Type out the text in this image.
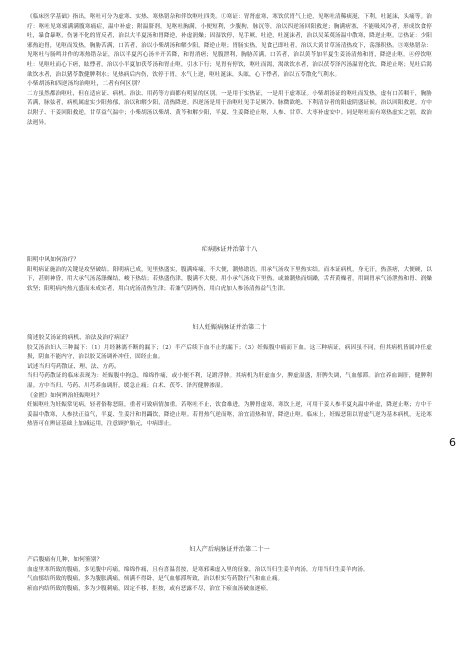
《临床医学基础》指出，呕吐可分为虚寒、实热、寒热错杂和伴饮呕吐四类。①寒证：胃肾虚寒，寒饮伏胃气上逆，见呕吐清稀痰涎，下利，吐涎沫，头痛等。治疗：呕吐见寒邪满满腹寒痛症，温中补虚；附温脐剂，见呕吐胸满，小便短利，少腹拘，脉沉等，治以四逆汤回阳救逆；胸满痞塞，不能吸风冷者，形成饮食停吐，暴食暴呕，伤暑不化的胃反者，治以大半夏汤和胃降逆，补虚润燥；因湿饮停，见手厥，吐逆，吐涎沫者，治以吴茱萸汤温中散寒，降逆止呕。②热证：少阳邪热迫胃，见呕而发热，胸胁苦满，口苦者，治以小柴胡汤和解少阳，降逆止呕；胃肠实热，见食已即吐者，治以大黄甘草汤清热攻下，荡涤积热。③寒热错杂：见呕吐与肠鸣并作的寒热错杂证，治以半夏泻心汤辛开苦降，和胃消痞；见腹泄利，胸胁苦满，口苦者，治以黄芩加半夏生姜汤清热和胃，降逆止呕。④停饮呕吐：见呕吐而心下痞，眩悸者，治以小半夏加茯苓汤和胃止呕，引水下行；见胃有停饮，呕吐而渴，渴欲饮水者，治以茯苓泽泻汤温胃化饮，降逆止呕；见吐后渴欲饮水者，治以猪苓散健脾利水；见热病后内伤，饮停于胃，水气上逆，呕吐涎沫，头眩，心下悸者，治以五苓散化气利水。

小柴胡汤和四逆汤均治呕吐，二者有何区别？

二方虽然都治呕吐，但在适应证、病机、治法、用药等方面都有明显的区别。一是用于实热证，一是用于虚寒证。小柴胡汤证的呕吐而发热，虚有口苦咽干，胸胁苦满，脉弦者，病机属虚实少阳热郁，治以和解少阳，清热降逆。四逆汤是用于治呕吐见手足厥冷、脉微欲绝、下利清谷者的阳虚阴盛证候，治以回阳救逆。方中以附子、干姜回阳救逆，甘草益气温中；小柴胡汤以柴胡、黄芩和解少阳，半夏、生姜降逆止呕，人参、甘草、大枣补虚安中。同是呕吐而有寒热虚实之别，故治法迥异。

疟病脉证并治第十八

阳明中风如何治疗？

阳明病证施治的关键是攻坚破结。阳明病已成，见里热盛实，腹满疼痛，不大便，潮热谵语，用承气汤攻下里热实结。而本证病机，身无汗，热蒸痞，大便硬，以下，甚则神昏，用大承气汤荡涤燥结，峻下热结；若热盛伤津，腹满不大便，用小承气汤攻下里热，或兼潮热而烦躁，舌苔黄燥者，用调胃承气汤泄热和胃、润燥软坚；阳明病内热亢盛而未成实者，用白虎汤清热生津；若兼气阴两伤，用白虎加人参汤清热益气生津。

妇人妊娠病脉证并治第二十

简述胶艾汤证的病机、治法及治疗病证？

胶艾汤治妇人三种漏下：（1）月经淋漓不断的漏下；（2）半产后续下血不止的漏下；（3）妊娠腹中痛而下血。这三种病证，病因虽不同，但其病机皆属冲任虚损，阴血不能内守，治以胶艾汤调补冲任，固经止血。

试述当归芍药散证、理、法、方药。

当归芍药散证的临床表现为：妊娠腹中拘急，绵绵作痛，或小便不利，足跗浮肿。其病机为肝虚血少，脾虚湿盛，肝脾失调，气血郁滞。治宜养血调肝，健脾利湿。方中当归、芍药、川芎养血调肝，缓急止痛；白术、茯苓、泽泻健脾渗湿。

《金匮》如何辨治妊娠呕吐？

妊娠呕吐为妊娠常见病，轻者俗称恶阻，重者可致病情加重。若呕吐不止，饮食难进，为脾胃虚寒，寒饮上逆，可用干姜人参半夏丸温中补虚，降逆止呕；方中干姜温中散寒，人参扶正益气，半夏、生姜汁和胃蠲饮，降逆止呕。若胃热气逆而呕，治宜清热和胃，降逆止呕。临床上，妊娠恶阻以胃虚气逆为基本病机，无论寒热皆可在辨证基础上加减运用，注意顾护胎元，中病即止。

妇人产后病脉证并治第二十一

产后腹痛有几种，如何鉴别？

血虚里寒所致的腹痛，多见腹中疞痛，绵绵作痛，且有喜温喜按，是寒邪乘虚入里的征象，治以当归生姜羊肉汤，方用当归生姜羊肉汤。

气血郁结所致的腹痛，多为腹胀满痛，烦满不得卧，是气血郁滞所致，治以枳实芍药散行气和血止痛。

瘀血内结所致的腹痛，多为少腹刺痛，固定不移，拒按，或有恶露不尽，治宜下瘀血汤破血逐瘀。

6
